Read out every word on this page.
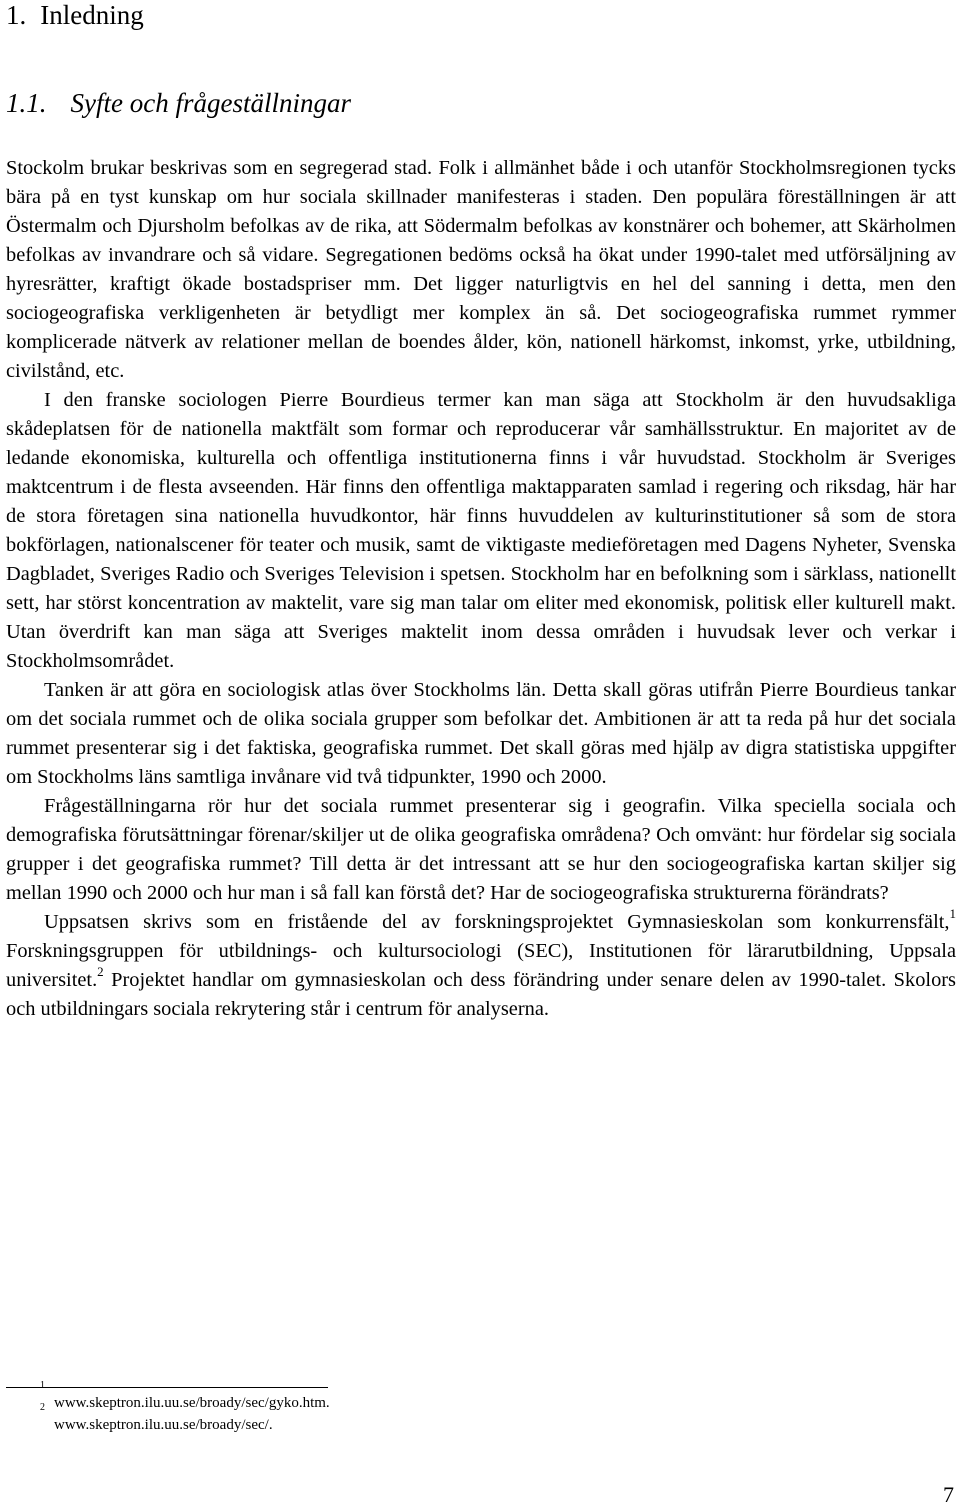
1. Inledning
1.1. Syfte och frågeställningar

Stockolm brukar beskrivas som en segregerad stad. Folk i allmänhet både i och utanför Stockholmsregionen tycks bära på en tyst kunskap om hur sociala skillnader manifesteras i staden. Den populära föreställningen är att Östermalm och Djursholm befolkas av de rika, att Södermalm befolkas av konstnärer och bohemer, att Skärholmen befolkas av invandrare och så vidare. Segregationen bedöms också ha ökat under 1990-talet med utförsäljning av hyresrätter, kraftigt ökade bostadspriser mm. Det ligger naturligtvis en hel del sanning i detta, men den sociogeografiska verkligenheten är betydligt mer komplex än så. Det sociogeografiska rummet rymmer komplicerade nätverk av relationer mellan de boendes ålder, kön, nationell härkomst, inkomst, yrke, utbildning, civilstånd, etc.

I den franske sociologen Pierre Bourdieus termer kan man säga att Stockholm är den huvudsakliga skådeplatsen för de nationella maktfält som formar och reproducerar vår samhällsstruktur. En majoritet av de ledande ekonomiska, kulturella och offentliga institutionerna finns i vår huvudstad. Stockholm är Sveriges maktcentrum i de flesta avseenden. Här finns den offentliga maktapparaten samlad i regering och riksdag, här har de stora företagen sina nationella huvudkontor, här finns huvuddelen av kulturinstitutioner så som de stora bokförlagen, nationalscener för teater och musik, samt de viktigaste medieföretagen med Dagens Nyheter, Svenska Dagbladet, Sveriges Radio och Sveriges Television i spetsen. Stockholm har en befolkning som i särklass, nationellt sett, har störst koncentration av maktelit, vare sig man talar om eliter med ekonomisk, politisk eller kulturell makt. Utan överdrift kan man säga att Sveriges maktelit inom dessa områden i huvudsak lever och verkar i Stockholmsområdet.

Tanken är att göra en sociologisk atlas över Stockholms län. Detta skall göras utifrån Pierre Bourdieus tankar om det sociala rummet och de olika sociala grupper som befolkar det. Ambitionen är att ta reda på hur det sociala rummet presenterar sig i det faktiska, geografiska rummet. Det skall göras med hjälp av digra statistiska uppgifter om Stockholms läns samtliga invånare vid två tidpunkter, 1990 och 2000.

Frågeställningarna rör hur det sociala rummet presenterar sig i geografin. Vilka speciella sociala och demografiska förutsättningar förenar/skiljer ut de olika geografiska områdena? Och omvänt: hur fördelar sig sociala grupper i det geografiska rummet? Till detta är det intressant att se hur den sociogeografiska kartan skiljer sig mellan 1990 och 2000 och hur man i så fall kan förstå det? Har de sociogeografiska strukturerna förändrats?

Uppsatsen skrivs som en fristående del av forskningsprojektet Gymnasieskolan som konkurrensfält,$^1$ Forskningsgruppen för utbildnings- och kultursociologi (SEC), Institutionen för lärarutbildning, Uppsala universitet.$^2$ Projektet handlar om gymnasieskolan och dess förändring under senare delen av 1990-talet. Skolors och utbildningars sociala rekrytering står i centrum för analyserna.

1
www.skeptron.ilu.uu.se/broady/sec/gyko.htm.
2
www.skeptron.ilu.uu.se/broady/sec/.
7
